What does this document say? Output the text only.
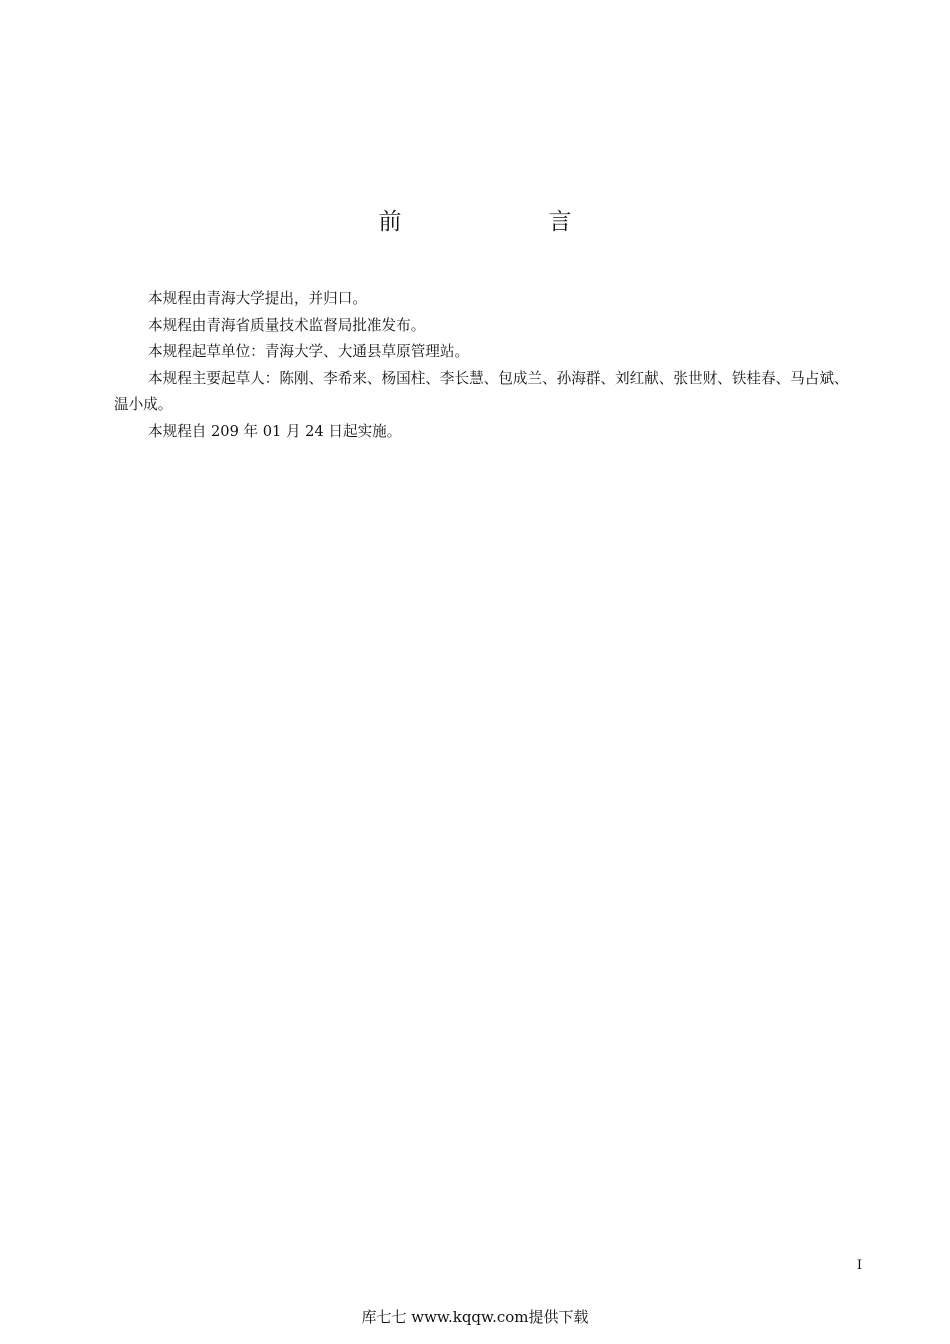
前　言

本规程由青海大学提出，并归口。

本规程由青海省质量技术监督局批准发布。

本规程起草单位：青海大学、大通县草原管理站。

本规程主要起草人：陈刚、李希来、杨国柱、李长慧、包成兰、孙海群、刘红献、张世财、铁桂春、马占斌、温小成。

本规程自 209 年 01 月 24 日起实施。

I
库七七 www.kqqw.com提供下载
